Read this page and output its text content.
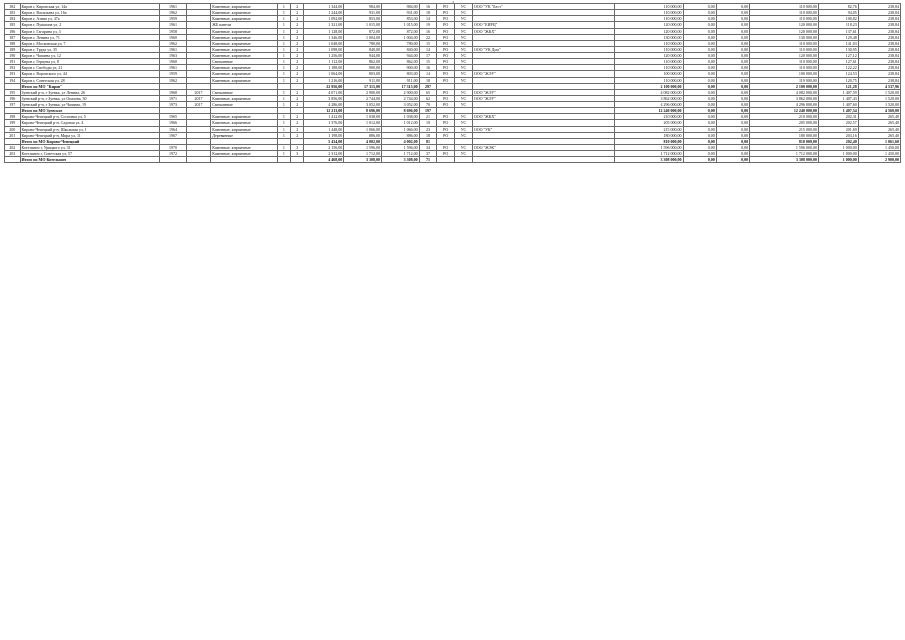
2
182	Киров г, Кировская ул, 14а	1961		Каменные, кирпичные	1	2	1 344,00	984,00	984,00	16	РО	УС	ООО "УК "Бест"	110 000,00	0,00	0,00	110 000,00	82,76	238,84
183	Киров г, Васильева ул, 16а	1962		Каменные, кирпичные	1	2	1 244,00	931,00	931,00	18	РО	УС		110 000,00	0,00	0,00	110 000,00	94,05	238,84
184	Киров г, Азина ул, 47а	1959		Каменные, кирпичные	1	2	1 092,00	853,00	853,00	14	РО	УС		110 000,00	0,00	0,00	110 000,00	100,82	238,84
185	Киров г, Пушкина ул, 2	1961		ЖБ панели	1	2	1 321,00	1 015,00	1 015,00	19	РО	УС	ООО "ЕИРЦ"	120 000,00	0,00	0,00	120 000,00	118,23	238,84
186	Киров г, Гагарина ул, 3	1958		Каменные, кирпичные	1	2	1 128,00	872,00	872,00	16	РО	УС	ООО "ЖКХ"	120 000,00	0,00	0,00	120 000,00	137,61	238,84
187	Киров г, Ленина ул, 71	1960		Каменные, кирпичные	1	2	1 346,00	1 004,00	1 004,00	22	РО	УС		130 000,00	0,00	0,00	130 000,00	129,48	238,84
188	Киров г, Московская ул, 7	1962		Каменные, кирпичные	1	2	1 048,00	780,00	780,00	15	РО	УС		110 000,00	0,00	0,00	110 000,00	141,03	238,84
189	Киров г, Труда ул, 35	1961		Каменные, кирпичные	1	2	1 098,00	840,00	840,00	14	РО	УС	ООО "УК Дом"	110 000,00	0,00	0,00	110 000,00	130,95	238,84
190	Киров г, Чапаева ул, 12	1963		Каменные, кирпичные	1	2	1 256,00	944,00	944,00	17	РО	УС		120 000,00	0,00	0,00	120 000,00	127,12	238,84
191	Киров г, Герцена ул, 8	1960		Смешанные	1	2	1 112,00	862,00	862,00	15	РО	УС		110 000,00	0,00	0,00	110 000,00	127,61	238,84
192	Киров г, Свободы ул, 21	1961		Каменные, кирпичные	1	2	1 188,00	900,00	900,00	16	РО	УС		110 000,00	0,00	0,00	110 000,00	122,22	238,84
193	Киров г, Воровского ул, 44	1959		Каменные, кирпичные	1	2	1 064,00	803,00	803,00	14	РО	УС	ООО "ЖЭУ"	100 000,00	0,00	0,00	100 000,00	124,53	238,84
194	Киров г, Советская ул, 28	1962		Каменные, кирпичные	1	2	1 216,00	911,00	911,00	18	РО	УС		110 000,00	0,00	0,00	110 000,00	120,75	238,84
	Итого по МО "Киров"						22 956,00	17 315,00	17 315,00	297				2 100 000,00	0,00	0,00	2 100 000,00	121,28	4 537,96
195	Зуевский р-н, г Зуевка, ул Ленина, 26	1968	2017	Смешанные	1	2	4 071,00	2 900,00	2 900,00	65	РО	УС	ООО "ЖЭУ"	4 082 000,00	0,00	0,00	4 082 000,00	1 407,59	1 520,00
196	Зуевский р-н, г Зуевка, ул Опалева, 30	1971	2017	Каменные, кирпичные	1	2	3 856,00	2 744,00	2 744,00	62	РО	УС	ООО "ЖЭУ"	3 862 000,00	0,00	0,00	3 862 000,00	1 407,43	1 520,00
197	Зуевский р-н, г Зуевка, ул Чапаева, 19	1973	2017	Смешанные	1	2	4 286,00	3 052,00	3 052,00	70	РО	УС		4 296 000,00	0,00	0,00	4 296 000,00	1 407,60	1 520,00
	Итого по МО Зуевское						12 213,00	8 696,00	8 696,00	197				12 240 000,00	0,00	0,00	12 240 000,00	1 407,54	4 560,00
198	Кирово-Чепецкий р-н, Сосновка ул, 5	1965		Каменные, кирпичные	1	2	1 412,00	1 038,00	1 038,00	21	РО	УС	ООО "ЖКХ"	210 000,00	0,00	0,00	210 000,00	202,31	265,40
199	Кирово-Чепецкий р-н, Садовая ул, 4	1966		Каменные, кирпичные	1	2	1 376,00	1 012,00	1 012,00	19	РО	УС		205 000,00	0,00	0,00	205 000,00	202,57	265,40
200	Кирово-Чепецкий р-н, Школьная ул, 1	1964		Каменные, кирпичные	1	2	1 448,00	1 066,00	1 066,00	23	РО	УС	ООО "УК"	215 000,00	0,00	0,00	215 000,00	201,69	265,40
201	Кирово-Чепецкий р-н, Мира ул, 11	1967		Деревянные	1	2	1 198,00	886,00	886,00	18	РО	УС		180 000,00	0,00	0,00	180 000,00	203,16	265,40
	Итого по МО Кирово-Чепецкий						5 434,00	4 002,00	4 002,00	81				810 000,00	0,00	0,00	810 000,00	202,40	1 061,60
202	Котельнич г, Урицкого ул, 31	1970		Каменные, кирпичные	1	3	2 156,00	1 596,00	1 596,00	34	РО	УС	ООО "ЖЭК"	1 596 000,00	0,00	0,00	1 596 000,00	1 000,00	1 450,00
203	Котельнич г, Советская ул, 57	1972		Каменные, кирпичные	1	3	2 312,00	1 712,00	1 712,00	37	РО	УС		1 712 000,00	0,00	0,00	1 712 000,00	1 000,00	1 450,00
	Итого по МО Котельнич						4 468,00	3 308,00	3 308,00	71				3 308 000,00	0,00	0,00	3 308 000,00	1 000,00	2 900,00
